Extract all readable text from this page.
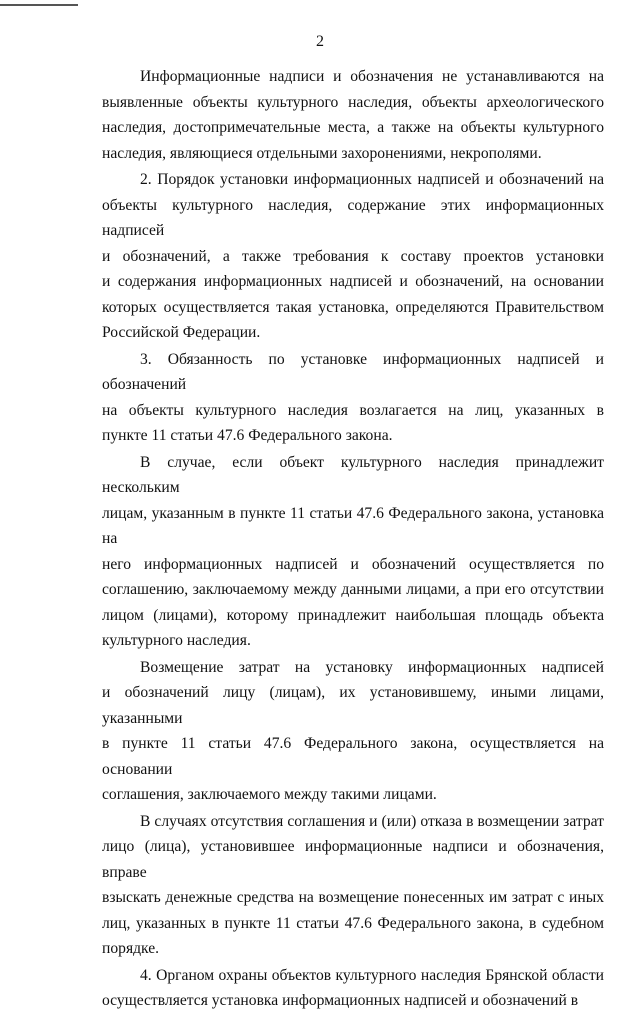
2
Информационные надписи и обозначения не устанавливаются на
выявленные объекты культурного наследия, объекты археологического
наследия, достопримечательные места, а также на объекты культурного
наследия, являющиеся отдельными захоронениями, некрополями.
2. Порядок установки информационных надписей и обозначений на
объекты культурного наследия, содержание этих информационных надписей
и обозначений, а также требования к составу проектов установки
и содержания информационных надписей и обозначений, на основании
которых осуществляется такая установка, определяются Правительством
Российской Федерации.
3. Обязанность по установке информационных надписей и обозначений
на объекты культурного наследия возлагается на лиц, указанных в
пункте 11 статьи 47.6 Федерального закона.
В случае, если объект культурного наследия принадлежит нескольким
лицам, указанным в пункте 11 статьи 47.6 Федерального закона, установка на
него информационных надписей и обозначений осуществляется по
соглашению, заключаемому между данными лицами, а при его отсутствии
лицом (лицами), которому принадлежит наибольшая площадь объекта
культурного наследия.
Возмещение затрат на установку информационных надписей
и обозначений лицу (лицам), их установившему, иными лицами, указанными
в пункте 11 статьи 47.6 Федерального закона, осуществляется на основании
соглашения, заключаемого между такими лицами.
В случаях отсутствия соглашения и (или) отказа в возмещении затрат
лицо (лица), установившее информационные надписи и обозначения, вправе
взыскать денежные средства на возмещение понесенных им затрат с иных
лиц, указанных в пункте 11 статьи 47.6 Федерального закона, в судебном
порядке.
4. Органом охраны объектов культурного наследия Брянской области
осуществляется установка информационных надписей и обозначений в
